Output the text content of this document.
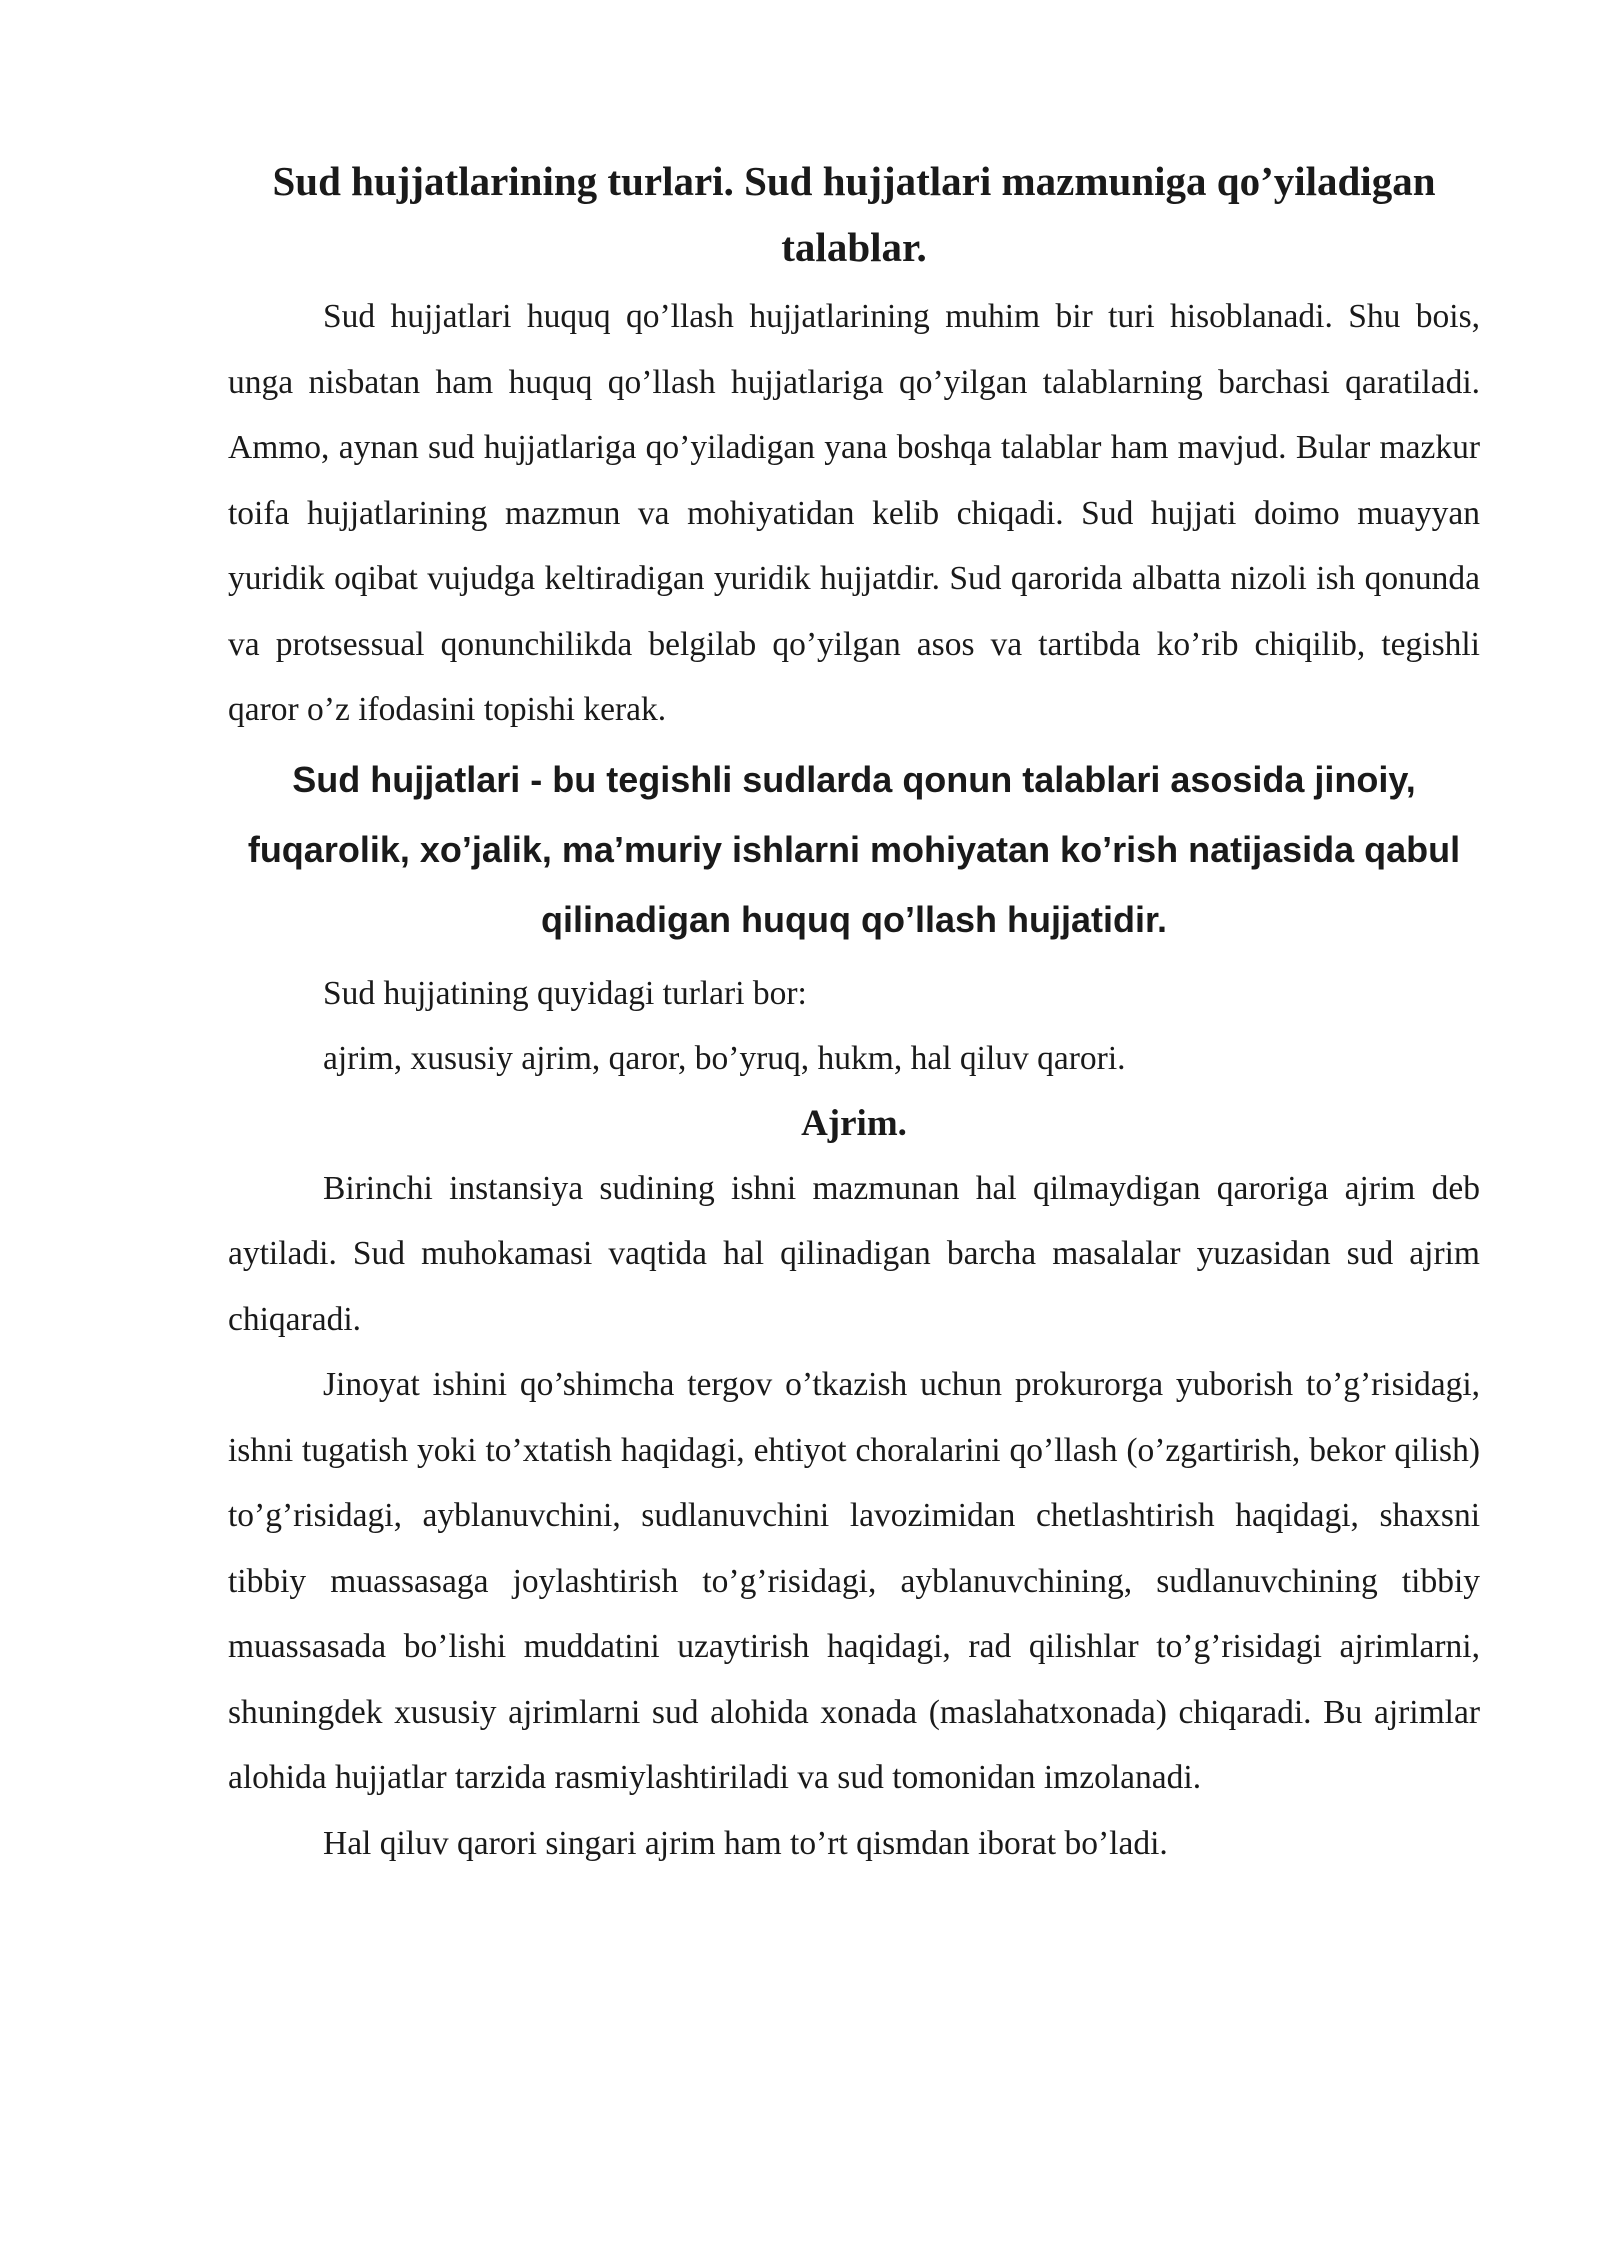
Sud hujjatlarining turlari. Sud hujjatlari mazmuniga qo’yiladigan talablar.

Sud hujjatlari huquq qo’llash hujjatlarining muhim bir turi hisoblanadi. Shu bois, unga nisbatan ham huquq qo’llash hujjatlariga qo’yilgan talablarning barchasi qaratiladi. Ammo, aynan sud hujjatlariga qo’yiladigan yana boshqa talablar ham mavjud. Bular mazkur toifa hujjatlarining mazmun va mohiyatidan kelib chiqadi. Sud hujjati doimo muayyan yuridik oqibat vujudga keltiradigan yuridik hujjatdir. Sud qarorida albatta nizoli ish qonunda va protsessual qonunchilikda belgilab qo’yilgan asos va tartibda ko’rib chiqilib, tegishli qaror o’z ifodasini topishi kerak.

Sud hujjatlari - bu tegishli sudlarda qonun talablari asosida jinoiy, fuqarolik, xo’jalik, ma’muriy ishlarni mohiyatan ko’rish natijasida qabul qilinadigan huquq qo’llash hujjatidir.

Sud hujjatining quyidagi turlari bor:

ajrim, xususiy ajrim, qaror, bo’yruq, hukm, hal qiluv qarori.

Ajrim.

Birinchi instansiya sudining ishni mazmunan hal qilmaydigan qaroriga ajrim deb aytiladi. Sud muhokamasi vaqtida hal qilinadigan barcha masalalar yuzasidan sud ajrim chiqaradi.

Jinoyat ishini qo’shimcha tergov o’tkazish uchun prokurorga yuborish to’g’risidagi, ishni tugatish yoki to’xtatish haqidagi, ehtiyot choralarini qo’llash (o’zgartirish, bekor qilish) to’g’risidagi, ayblanuvchini, sudlanuvchini lavozimidan chetlashtirish haqidagi, shaxsni tibbiy muassasaga joylashtirish to’g’risidagi, ayblanuvchining, sudlanuvchining tibbiy muassasada bo’lishi muddatini uzaytirish haqidagi, rad qilishlar to’g’risidagi ajrimlarni, shuningdek xususiy ajrimlarni sud alohida xonada (maslahatxonada) chiqaradi. Bu ajrimlar alohida hujjatlar tarzida rasmiylashtiriladi va sud tomonidan imzolanadi.

Hal qiluv qarori singari ajrim ham to’rt qismdan iborat bo’ladi.
